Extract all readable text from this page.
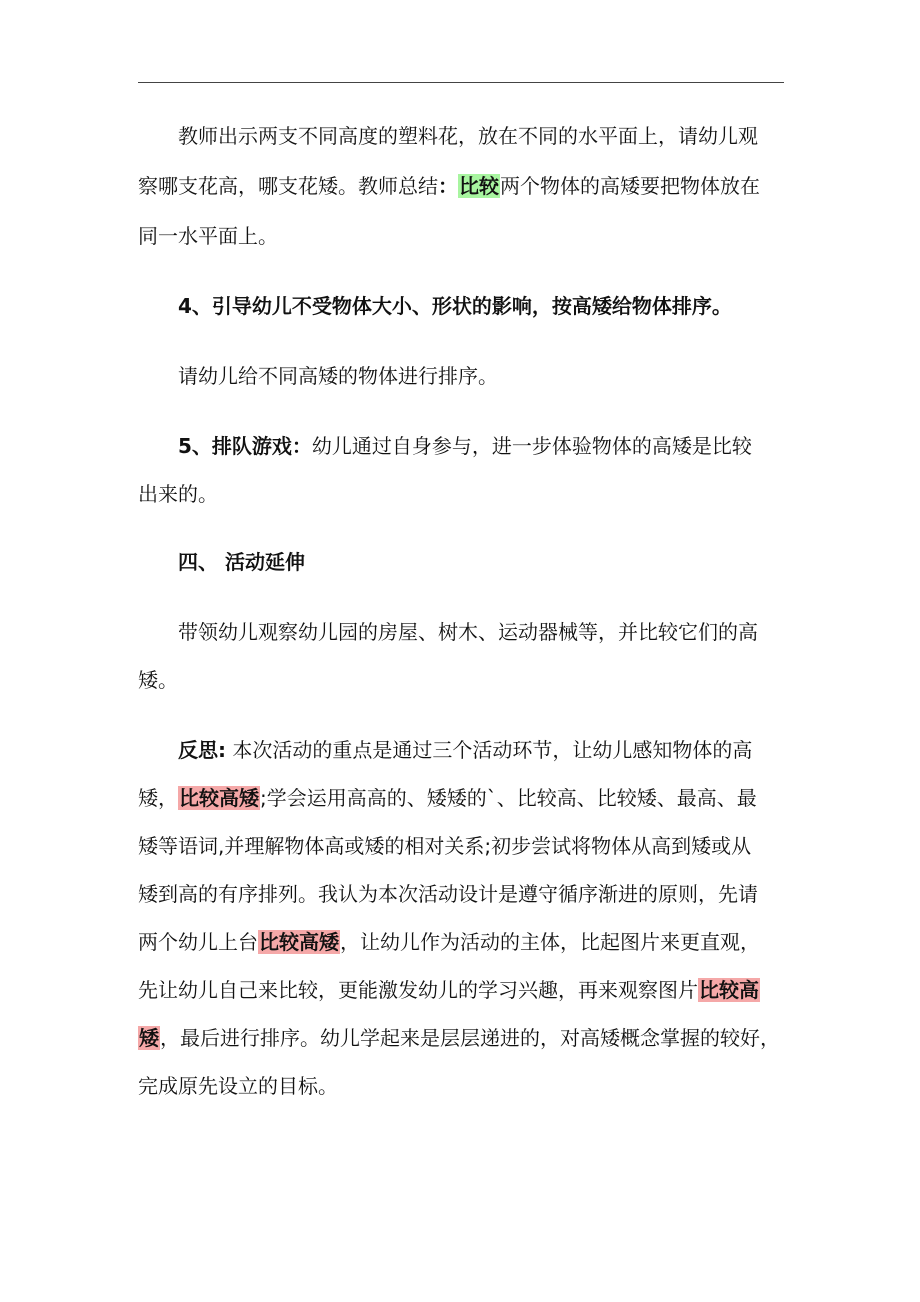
教师出示两支不同高度的塑料花，放在不同的水平面上，请幼儿观
察哪支花高，哪支花矮。教师总结：比较两个物体的高矮要把物体放在
同一水平面上。
4、引导幼儿不受物体大小、形状的影响，按高矮给物体排序。
请幼儿给不同高矮的物体进行排序。
5、排队游戏：幼儿通过自身参与，进一步体验物体的高矮是比较
出来的。
四、 活动延伸
带领幼儿观察幼儿园的房屋、树木、运动器械等，并比较它们的高
矮。
反思: 本次活动的重点是通过三个活动环节，让幼儿感知物体的高
矮，比较高矮;学会运用高高的、矮矮的`、比较高、比较矮、最高、最
矮等语词,并理解物体高或矮的相对关系;初步尝试将物体从高到矮或从
矮到高的有序排列。我认为本次活动设计是遵守循序渐进的原则，先请
两个幼儿上台比较高矮，让幼儿作为活动的主体，比起图片来更直观，
先让幼儿自己来比较，更能激发幼儿的学习兴趣，再来观察图片比较高
矮，最后进行排序。幼儿学起来是层层递进的，对高矮概念掌握的较好，
完成原先设立的目标。
